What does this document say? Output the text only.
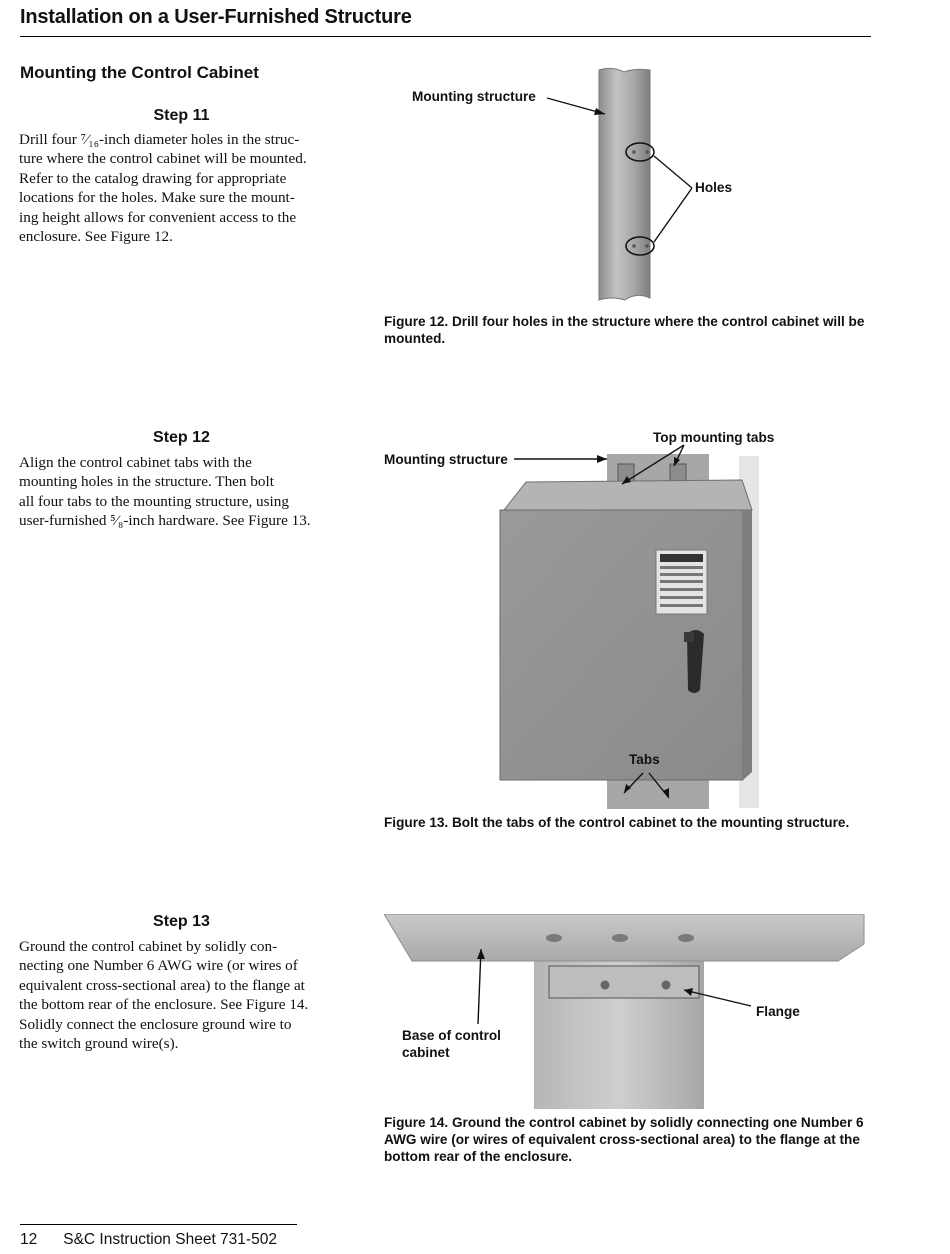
Installation on a User-Furnished Structure
Mounting the Control Cabinet
Step 11
Drill four ⁷⁄₁₆-inch diameter holes in the struc-
ture where the control cabinet will be mounted.
Refer to the catalog drawing for appropriate
locations for the holes. Make sure the mount-
ing height allows for convenient access to the
enclosure. See Figure 12.
Mounting structure
Holes
Figure 12. Drill four holes in the structure where the control cabinet will be mounted.
Step 12
Align the control cabinet tabs with the
mounting holes in the structure. Then bolt
all four tabs to the mounting structure, using
user-furnished ⁵⁄₈-inch hardware. See Figure 13.
Mounting structure
Top mounting tabs
Tabs
Figure 13. Bolt the tabs of the control cabinet to the mounting structure.
Step 13
Ground the control cabinet by solidly con-
necting one Number 6 AWG wire (or wires of
equivalent cross-sectional area) to the flange at
the bottom rear of the enclosure. See Figure 14.
Solidly connect the enclosure ground wire to
the switch ground wire(s).	Base of control cabinet
Flange
Figure 14. Ground the control cabinet by solidly connecting one Number 6 AWG wire (or wires of equivalent cross-sectional area) to the flange at the bottom rear of the enclosure.
12 S&C Instruction Sheet 731-502
